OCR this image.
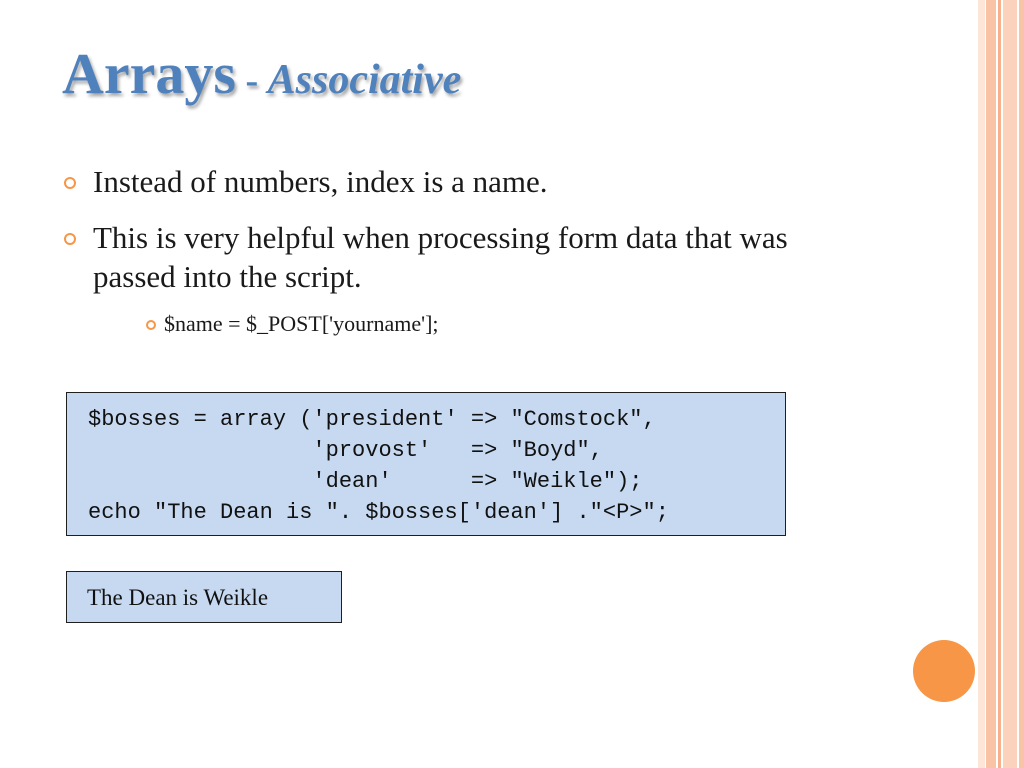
Arrays - Associative
Instead of numbers, index is a name.
This is very helpful when processing form data that was passed into the script.
$name = $_POST['yourname'];
$bosses = array ('president' => "Comstock",
'provost'   => "Boyd",
'dean'      => "Weikle");
echo "The Dean is ". $bosses['dean'] ."<P>";
The Dean is Weikle
